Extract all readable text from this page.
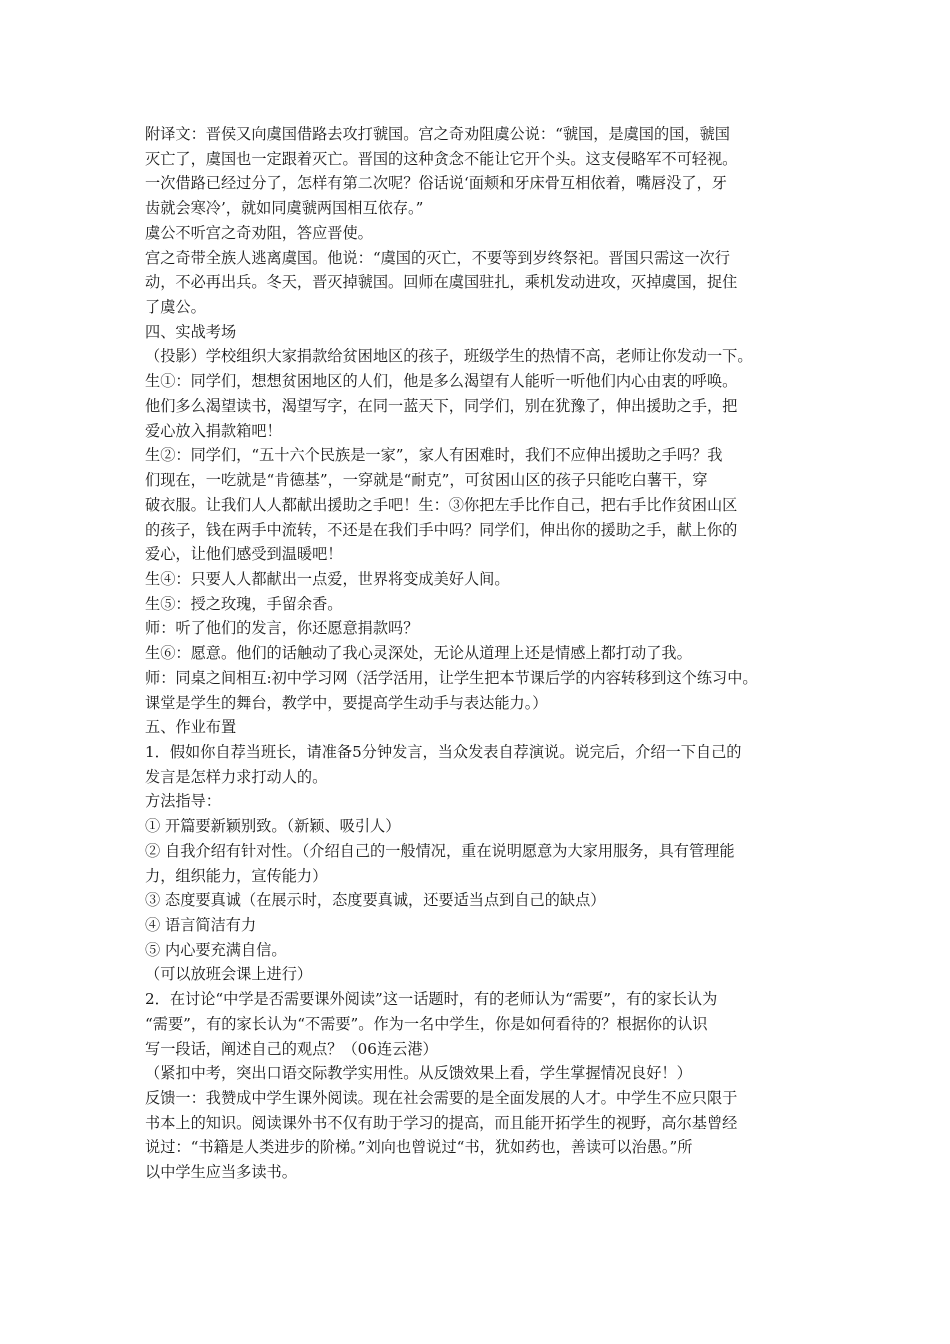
附译文：晋侯又向虞国借路去攻打虢国。宫之奇劝阻虞公说：“虢国，是虞国的国，虢国
灭亡了，虞国也一定跟着灭亡。晋国的这种贪念不能让它开个头。这支侵略军不可轻视。
一次借路已经过分了，怎样有第二次呢？俗话说‘面颊和牙床骨互相依着，嘴唇没了，牙
齿就会寒冷’，就如同虞虢两国相互依存。”
虞公不听宫之奇劝阻，答应晋使。
宫之奇带全族人逃离虞国。他说：“虞国的灭亡，不要等到岁终祭祀。晋国只需这一次行
动，不必再出兵。冬天，晋灭掉虢国。回师在虞国驻扎，乘机发动进攻，灭掉虞国，捉住
了虞公。
四、实战考场
（投影）学校组织大家捐款给贫困地区的孩子，班级学生的热情不高，老师让你发动一下。
生①：同学们，想想贫困地区的人们，他是多么渴望有人能听一听他们内心由衷的呼唤。
他们多么渴望读书，渴望写字，在同一蓝天下，同学们，别在犹豫了，伸出援助之手，把
爱心放入捐款箱吧！
生②：同学们，“五十六个民族是一家”，家人有困难时，我们不应伸出援助之手吗？我
们现在，一吃就是“肯德基”，一穿就是“耐克”，可贫困山区的孩子只能吃白薯干，穿
破衣服。让我们人人都献出援助之手吧！生：③你把左手比作自己，把右手比作贫困山区
的孩子，钱在两手中流转，不还是在我们手中吗？同学们，伸出你的援助之手，献上你的
爱心，让他们感受到温暖吧！
生④：只要人人都献出一点爱，世界将变成美好人间。
生⑤：授之玫瑰，手留余香。
师：听了他们的发言，你还愿意捐款吗？
生⑥：愿意。他们的话触动了我心灵深处，无论从道理上还是情感上都打动了我。
师：同桌之间相互:初中学习网（活学活用，让学生把本节课后学的内容转移到这个练习中。
课堂是学生的舞台，教学中，要提高学生动手与表达能力。）
五、作业布置
1．假如你自荐当班长，请准备5分钟发言，当众发表自荐演说。说完后，介绍一下自己的
发言是怎样力求打动人的。
方法指导：
① 开篇要新颖别致。（新颖、吸引人）
② 自我介绍有针对性。（介绍自己的一般情况，重在说明愿意为大家用服务，具有管理能
力，组织能力，宣传能力）
③ 态度要真诚（在展示时，态度要真诚，还要适当点到自己的缺点）
④ 语言简洁有力
⑤ 内心要充满自信。
（可以放班会课上进行）
2．在讨论“中学是否需要课外阅读”这一话题时，有的老师认为“需要”，有的家长认为
“需要”，有的家长认为“不需要”。作为一名中学生，你是如何看待的？根据你的认识
写一段话，阐述自己的观点？（06连云港）
（紧扣中考，突出口语交际教学实用性。从反馈效果上看，学生掌握情况良好！）
反馈一：我赞成中学生课外阅读。现在社会需要的是全面发展的人才。中学生不应只限于
书本上的知识。阅读课外书不仅有助于学习的提高，而且能开拓学生的视野，高尔基曾经
说过：“书籍是人类进步的阶梯。”刘向也曾说过“书，犹如药也，善读可以治愚。”所
以中学生应当多读书。
